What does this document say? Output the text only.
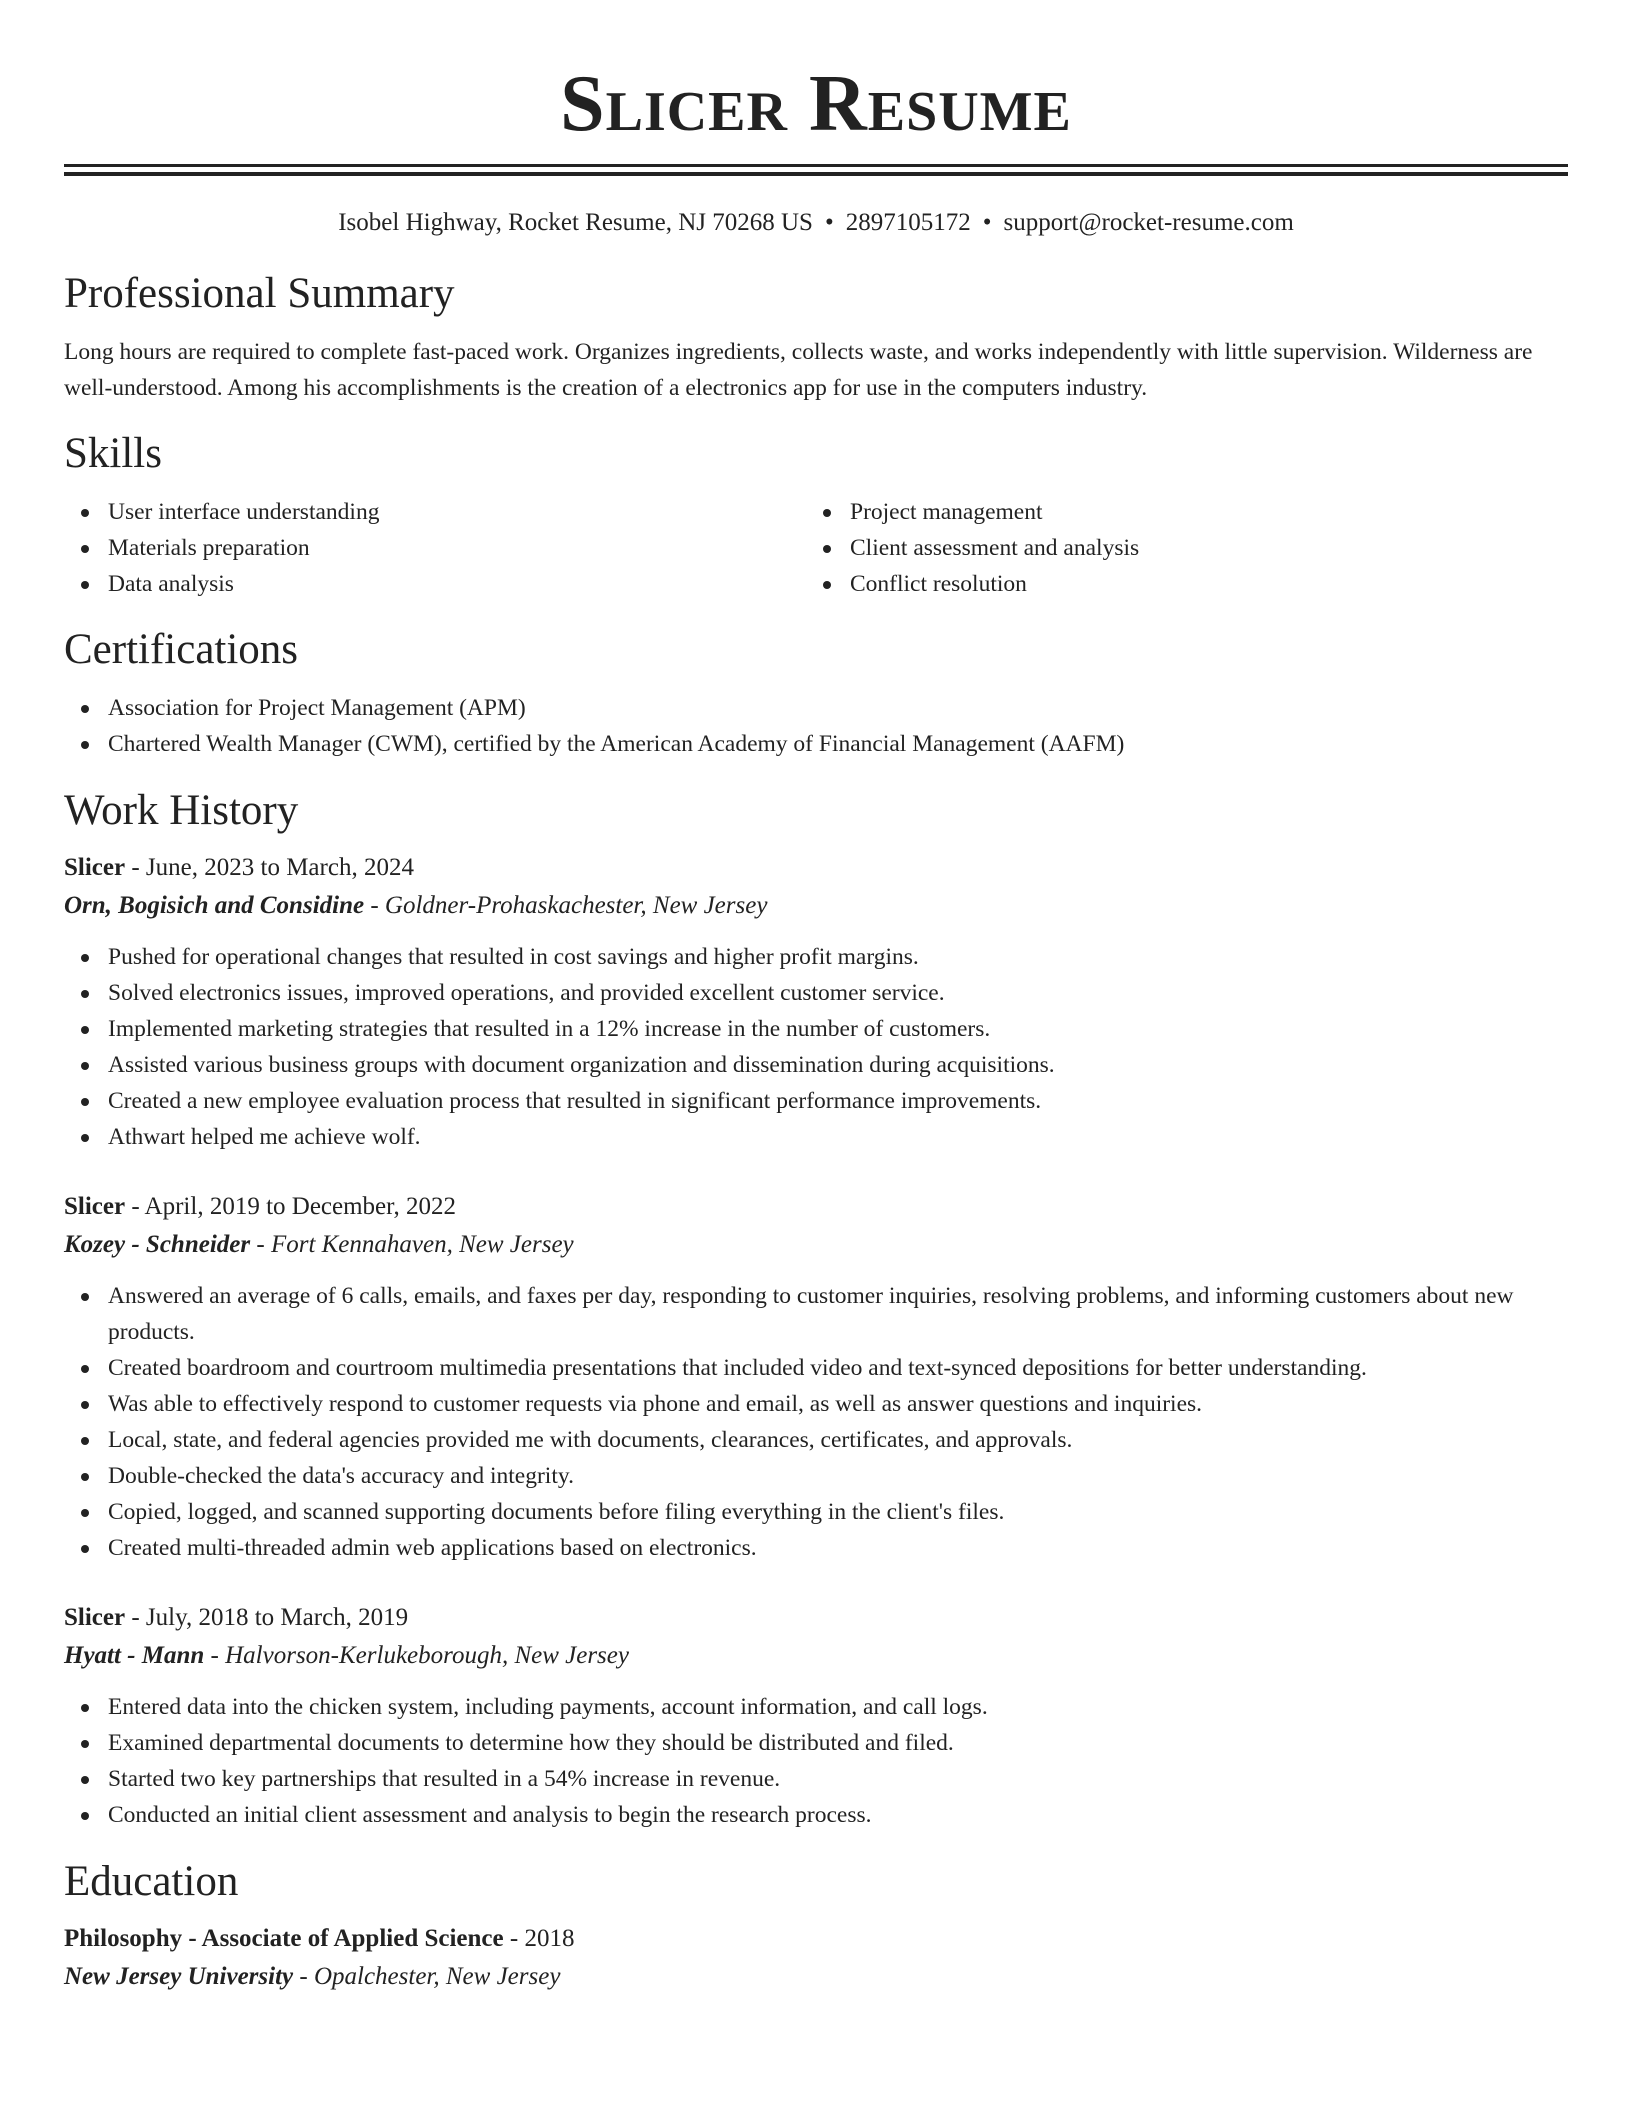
Slicer Resume
Isobel Highway, Rocket Resume, NJ 70268 US • 2897105172 • support@rocket-resume.com
Professional Summary

Long hours are required to complete fast-paced work. Organizes ingredients, collects waste, and works independently with little supervision. Wilderness are well-understood. Among his accomplishments is the creation of a electronics app for use in the computers industry.

Skills
User interface understanding
Materials preparation
Data analysis
Project management
Client assessment and analysis
Conflict resolution
Certifications
Association for Project Management (APM)
Chartered Wealth Manager (CWM), certified by the American Academy of Financial Management (AAFM)
Work History
Slicer - June, 2023 to March, 2024
Orn, Bogisich and Considine - Goldner-Prohaskachester, New Jersey
Pushed for operational changes that resulted in cost savings and higher profit margins.
Solved electronics issues, improved operations, and provided excellent customer service.
Implemented marketing strategies that resulted in a 12% increase in the number of customers.
Assisted various business groups with document organization and dissemination during acquisitions.
Created a new employee evaluation process that resulted in significant performance improvements.
Athwart helped me achieve wolf.
Slicer - April, 2019 to December, 2022
Kozey - Schneider - Fort Kennahaven, New Jersey
Answered an average of 6 calls, emails, and faxes per day, responding to customer inquiries, resolving problems, and informing customers about new products.
Created boardroom and courtroom multimedia presentations that included video and text-synced depositions for better understanding.
Was able to effectively respond to customer requests via phone and email, as well as answer questions and inquiries.
Local, state, and federal agencies provided me with documents, clearances, certificates, and approvals.
Double-checked the data's accuracy and integrity.
Copied, logged, and scanned supporting documents before filing everything in the client's files.
Created multi-threaded admin web applications based on electronics.
Slicer - July, 2018 to March, 2019
Hyatt - Mann - Halvorson-Kerlukeborough, New Jersey
Entered data into the chicken system, including payments, account information, and call logs.
Examined departmental documents to determine how they should be distributed and filed.
Started two key partnerships that resulted in a 54% increase in revenue.
Conducted an initial client assessment and analysis to begin the research process.
Education
Philosophy - Associate of Applied Science - 2018
New Jersey University - Opalchester, New Jersey
